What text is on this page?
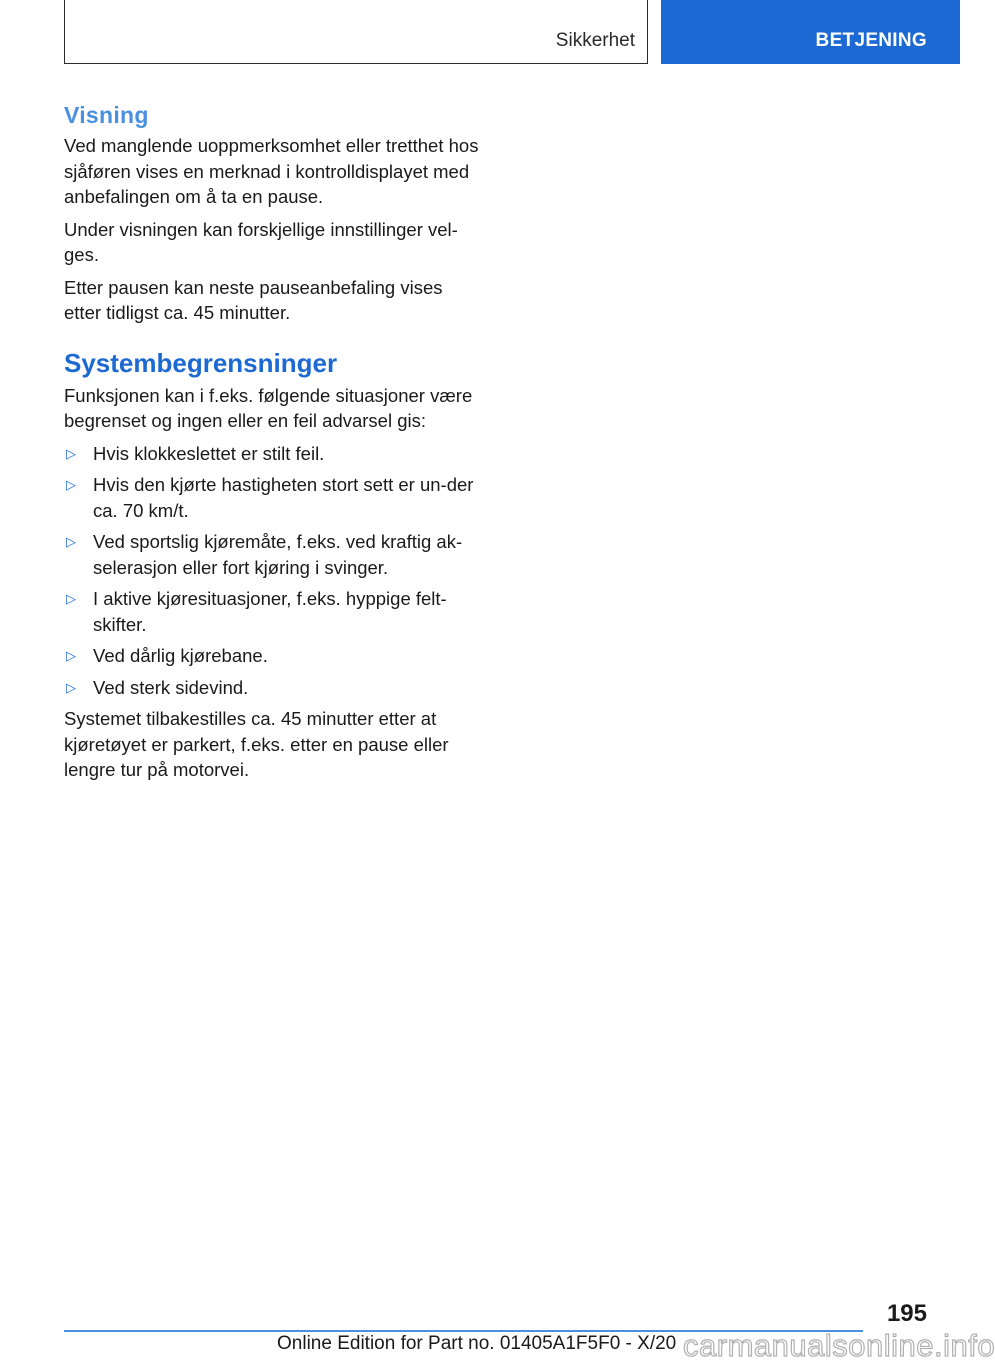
Sikkerhet	BETJENING
Visning

Ved manglende uoppmerksomhet eller tretthet hos sjåføren vises en merknad i kontrolldisplayet med anbefalingen om å ta en pause.

Under visningen kan forskjellige innstillinger vel-ges.

Etter pausen kan neste pauseanbefaling vises etter tidligst ca. 45 minutter.

Systembegrensninger

Funksjonen kan i f.eks. følgende situasjoner være begrenset og ingen eller en feil advarsel gis:

▷ Hvis klokkeslettet er stilt feil.
▷ Hvis den kjørte hastigheten stort sett er un-der ca. 70 km/t.
▷ Ved sportslig kjøremåte, f.eks. ved kraftig ak-selerasjon eller fort kjøring i svinger.
▷ I aktive kjøresituasjoner, f.eks. hyppige felt-skifter.
▷ Ved dårlig kjørebane.
▷ Ved sterk sidevind.

Systemet tilbakestilles ca. 45 minutter etter at kjøretøyet er parkert, f.eks. etter en pause eller lengre tur på motorvei.

195
Online Edition for Part no. 01405A1F5F0 - X/20 carmanualsonline.info
